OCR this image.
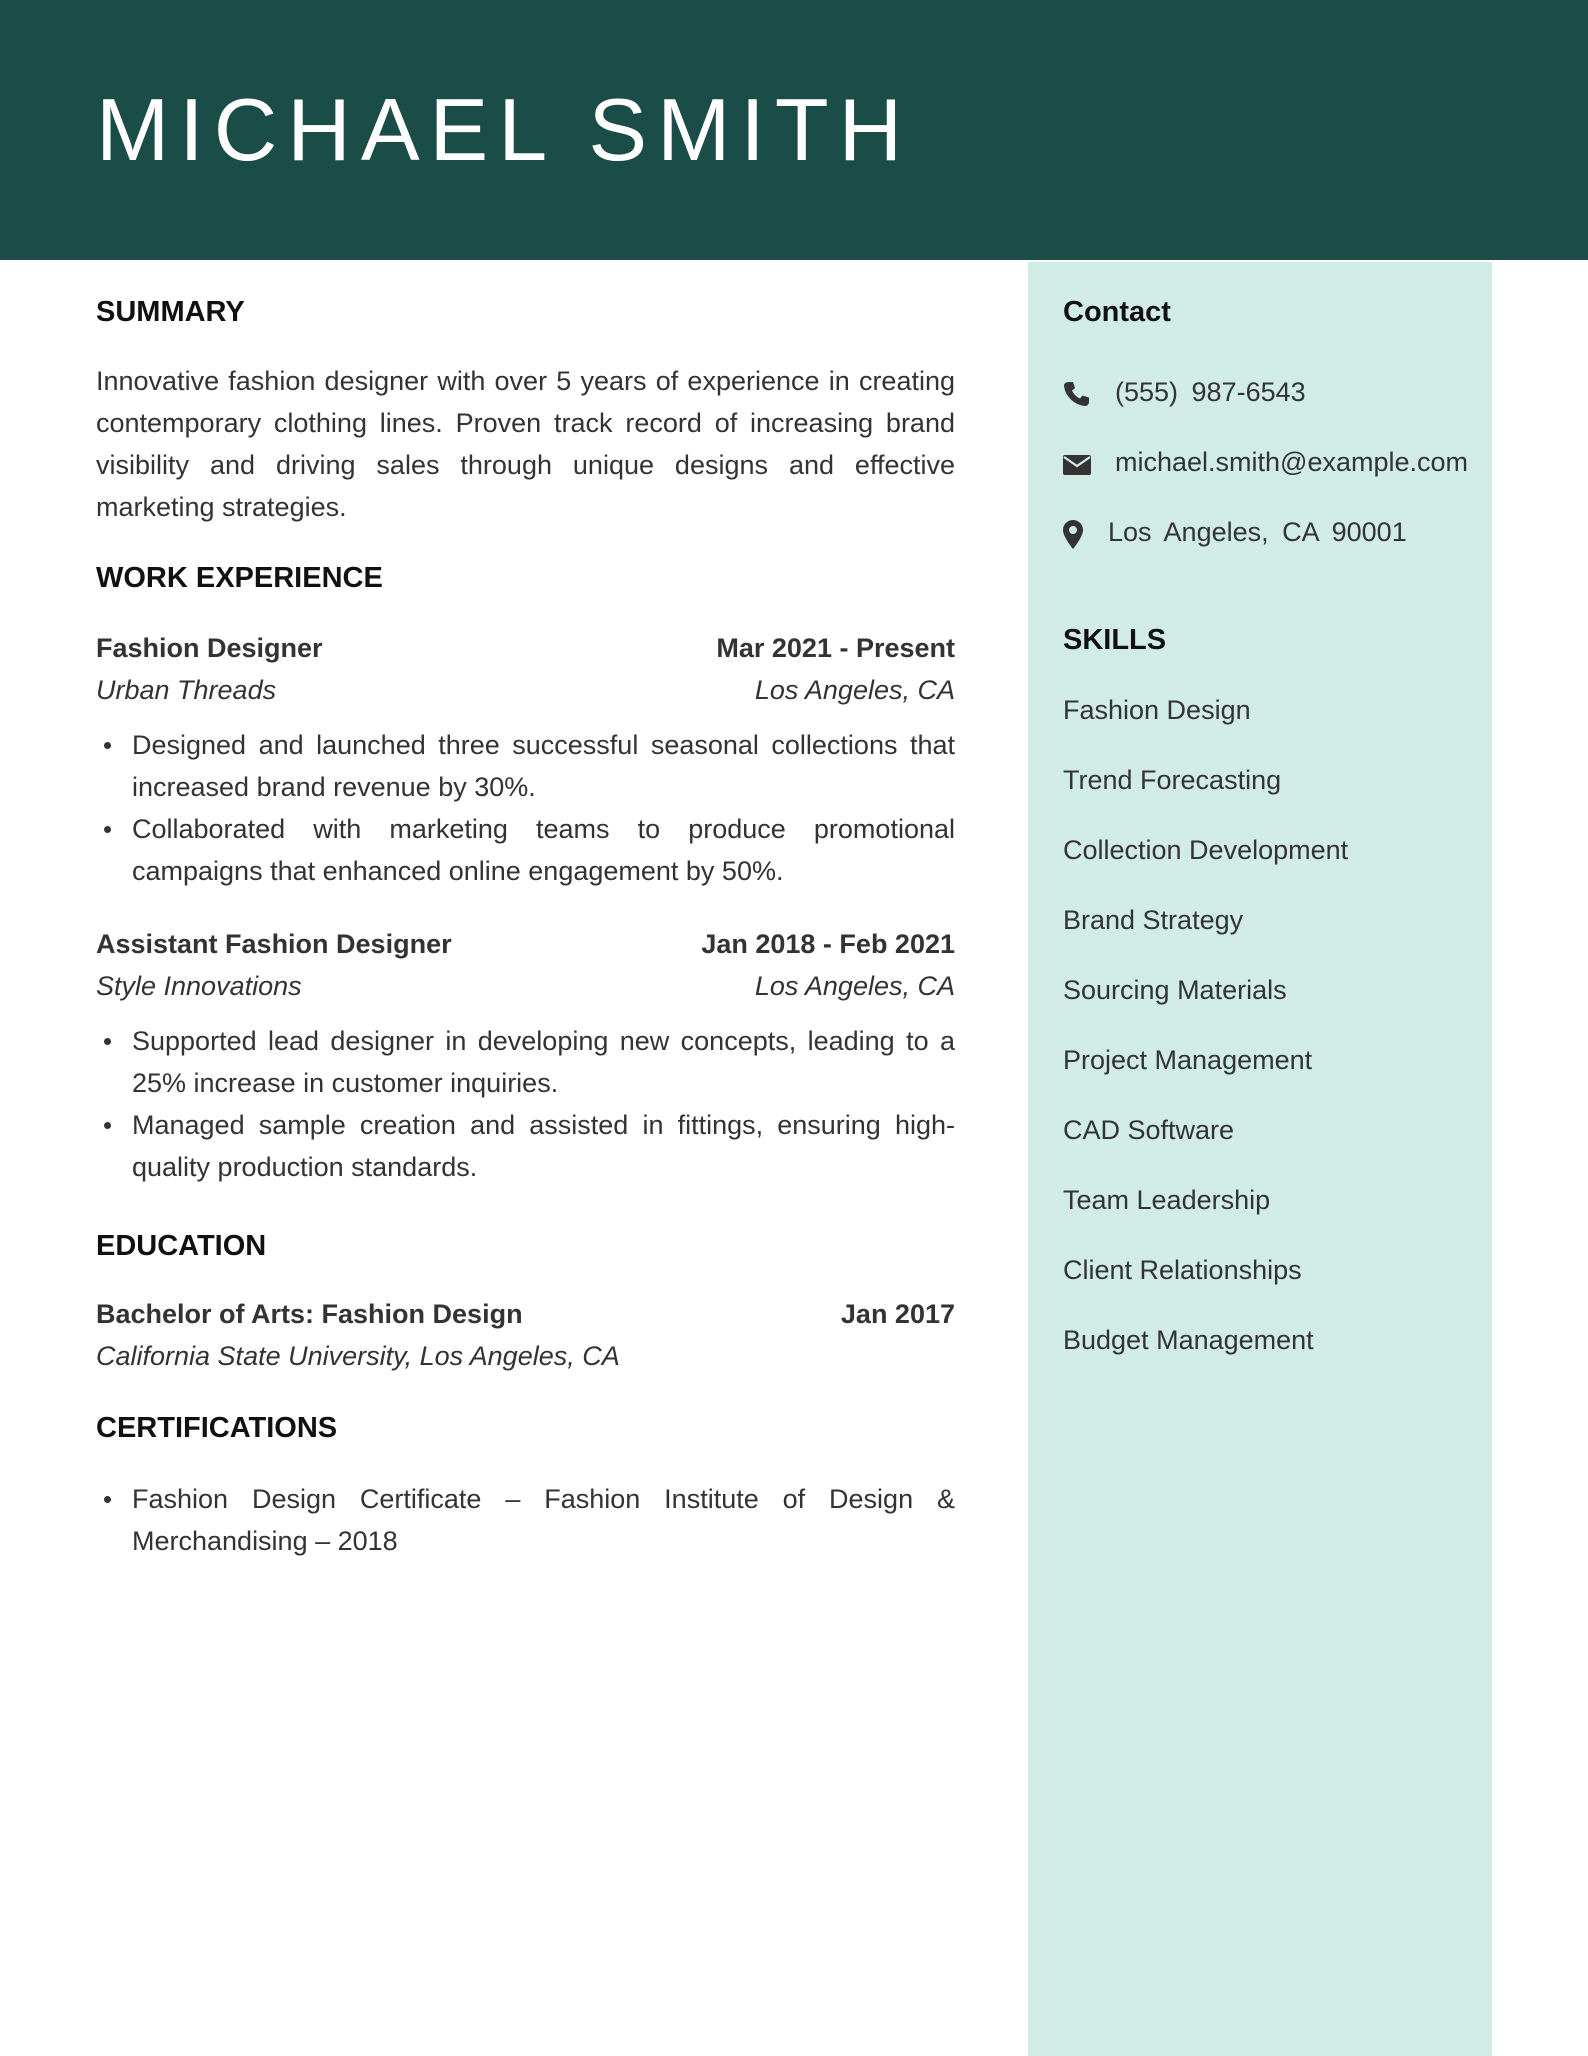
MICHAEL SMITH
SUMMARY

Innovative fashion designer with over 5 years of experience in creating contemporary clothing lines. Proven track record of increasing brand visibility and driving sales through unique designs and effective marketing strategies.

WORK EXPERIENCE
Fashion Designer	Mar 2021 - Present
Urban Threads	Los Angeles, CA
Designed and launched three successful seasonal collections that increased brand revenue by 30%.
Collaborated with marketing teams to produce promotional campaigns that enhanced online engagement by 50%.
Assistant Fashion Designer	Jan 2018 - Feb 2021
Style Innovations	Los Angeles, CA
Supported lead designer in developing new concepts, leading to a 25% increase in customer inquiries.
Managed sample creation and assisted in fittings, ensuring high-quality production standards.
EDUCATION
Bachelor of Arts: Fashion Design	Jan 2017
California State University, Los Angeles, CA
CERTIFICATIONS
Fashion Design Certificate – Fashion Institute of Design & Merchandising – 2018
Contact
(555) 987-6543
michael.smith@example.com
Los Angeles, CA 90001
SKILLS
Fashion Design
Trend Forecasting
Collection Development
Brand Strategy
Sourcing Materials
Project Management
CAD Software
Team Leadership
Client Relationships
Budget Management
